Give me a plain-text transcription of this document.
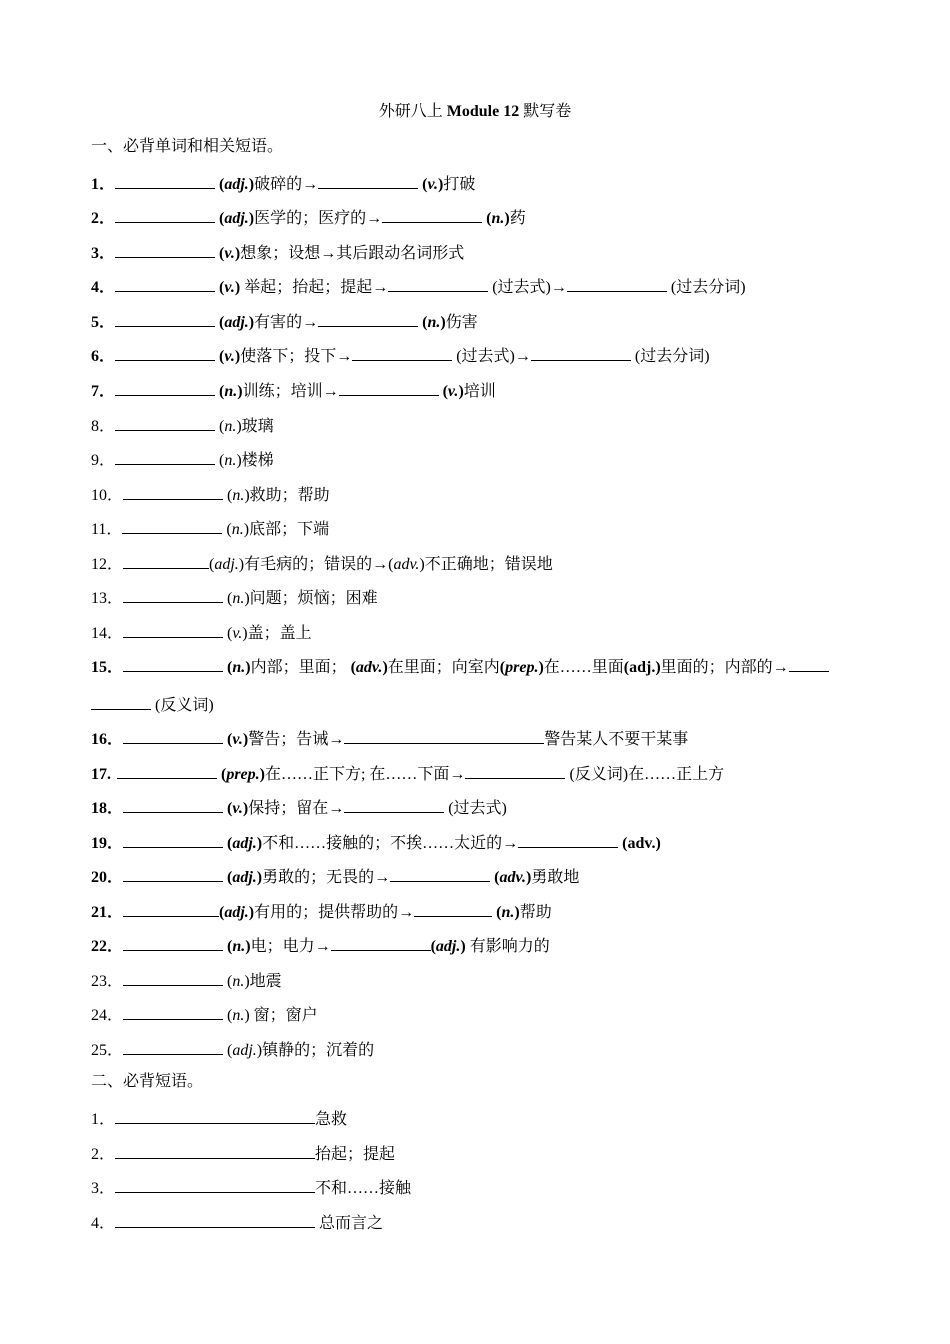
外研八上 Module 12 默写卷
一、必背单词和相关短语。
1．	(adj.)破碎的→	(v.)打破
2．	(adj.)医学的；医疗的→	(n.)药
3．	(v.)想象；设想→其后跟动名词形式
4．	(v.) 举起；抬起；提起→	(过去式)→	(过去分词)
5．	(adj.)有害的→	(n.)伤害
6．	(v.)使落下；投下→	(过去式)→	(过去分词)
7．	(n.)训练；培训→	(v.)培训
8．	(n.)玻璃
9．	(n.)楼梯
10．	(n.)救助；帮助
11．	(n.)底部；下端
12．	(adj.)有毛病的；错误的→(adv.)不正确地；错误地
13．	(n.)问题；烦恼；困难
14．	(v.)盖；盖上
15．	(n.)内部；里面； (adv.)在里面；向室内(prep.)在……里面(adj.)里面的；内部的→
(反义词)
16．	(v.)警告；告诫→	警告某人不要干某事
17.	(prep.)在……正下方; 在……下面→	(反义词)在……正上方
18．	(v.)保持；留在→	(过去式)
19．	(adj.)不和……接触的；不挨……太近的→	(adv.)
20．	(adj.)勇敢的；无畏的→	(adv.)勇敢地
21．	(adj.)有用的；提供帮助的→	(n.)帮助
22．	(n.)电；电力→	(adj.) 有影响力的
23．	(n.)地震
24．	(n.) 窗；窗户
25．	(adj.)镇静的；沉着的
二、必背短语。
1．	急救
2．	抬起；提起
3．	不和……接触
4．	总而言之
